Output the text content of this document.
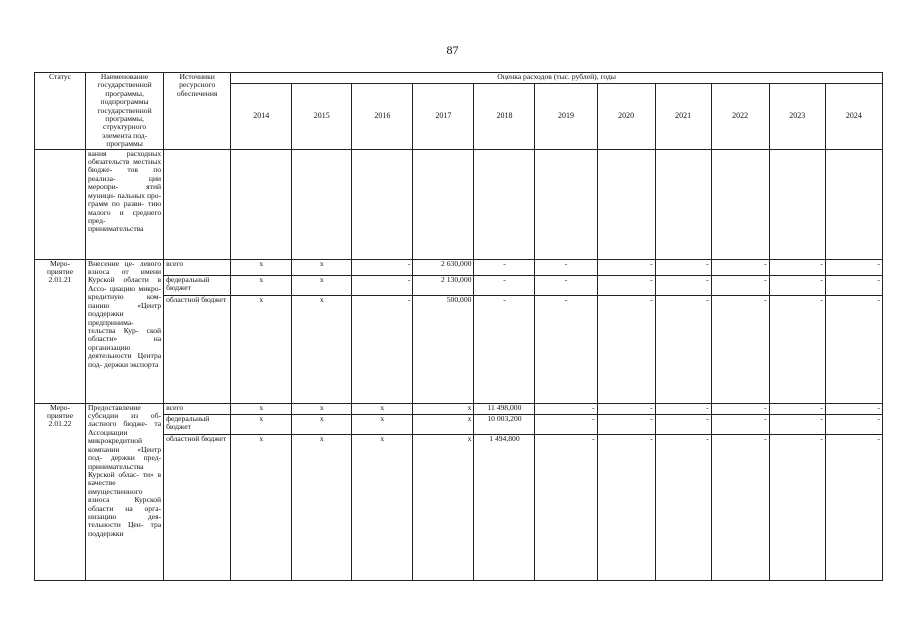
87
Статус	Наименование государственной программы, подпрограммы государственной программы, структурного элемента под- программы	Источники ресурсного обеспечения	Оценка расходов (тыс. рублей), годы										
			2014	2015	2016	2017	2018	2019	2020	2021	2022	2023	2024
	вания расходных обязательств местных бюдже- тов по реализа- ции меропри- ятий муници- пальных про- грамм по разви- тию малого и среднего пред- принимательства												
Меро- приятие 2.01.21	Внесение це- левого взноса от имени Курской области в Ассо- циацию микро- кредитную ком- панию «Центр поддержки предпринима- тельства Кур- ской области» на организацию деятельности Центра под- держки экспорта	всего	x	x	-	2 630,000	-	-	-	-	-	-	-
		федеральный бюджет	x	x	-	2 130,000	-	-	-	-	-	-	-
		областной бюджет	x	x	-	500,000	-	-	-	-	-	-	-
Меро- приятие 2.01.22	Предоставление субсидии из об- ластного бюдже- та Ассоциации микрокредитной компании «Центр под- держки пред- принимательства Курской облас- ти» в качестве имущественного взноса Курской области на орга- низацию дея- тельности Цен- тра поддержки	всего	x	x	x	x	11 498,000	-	-	-	-	-	-
		федеральный бюджет	x	x	x	x	10 003,200	-	-	-	-	-	-
		областной бюджет	x	x	x	x	1 494,800	-	-	-	-	-	-
